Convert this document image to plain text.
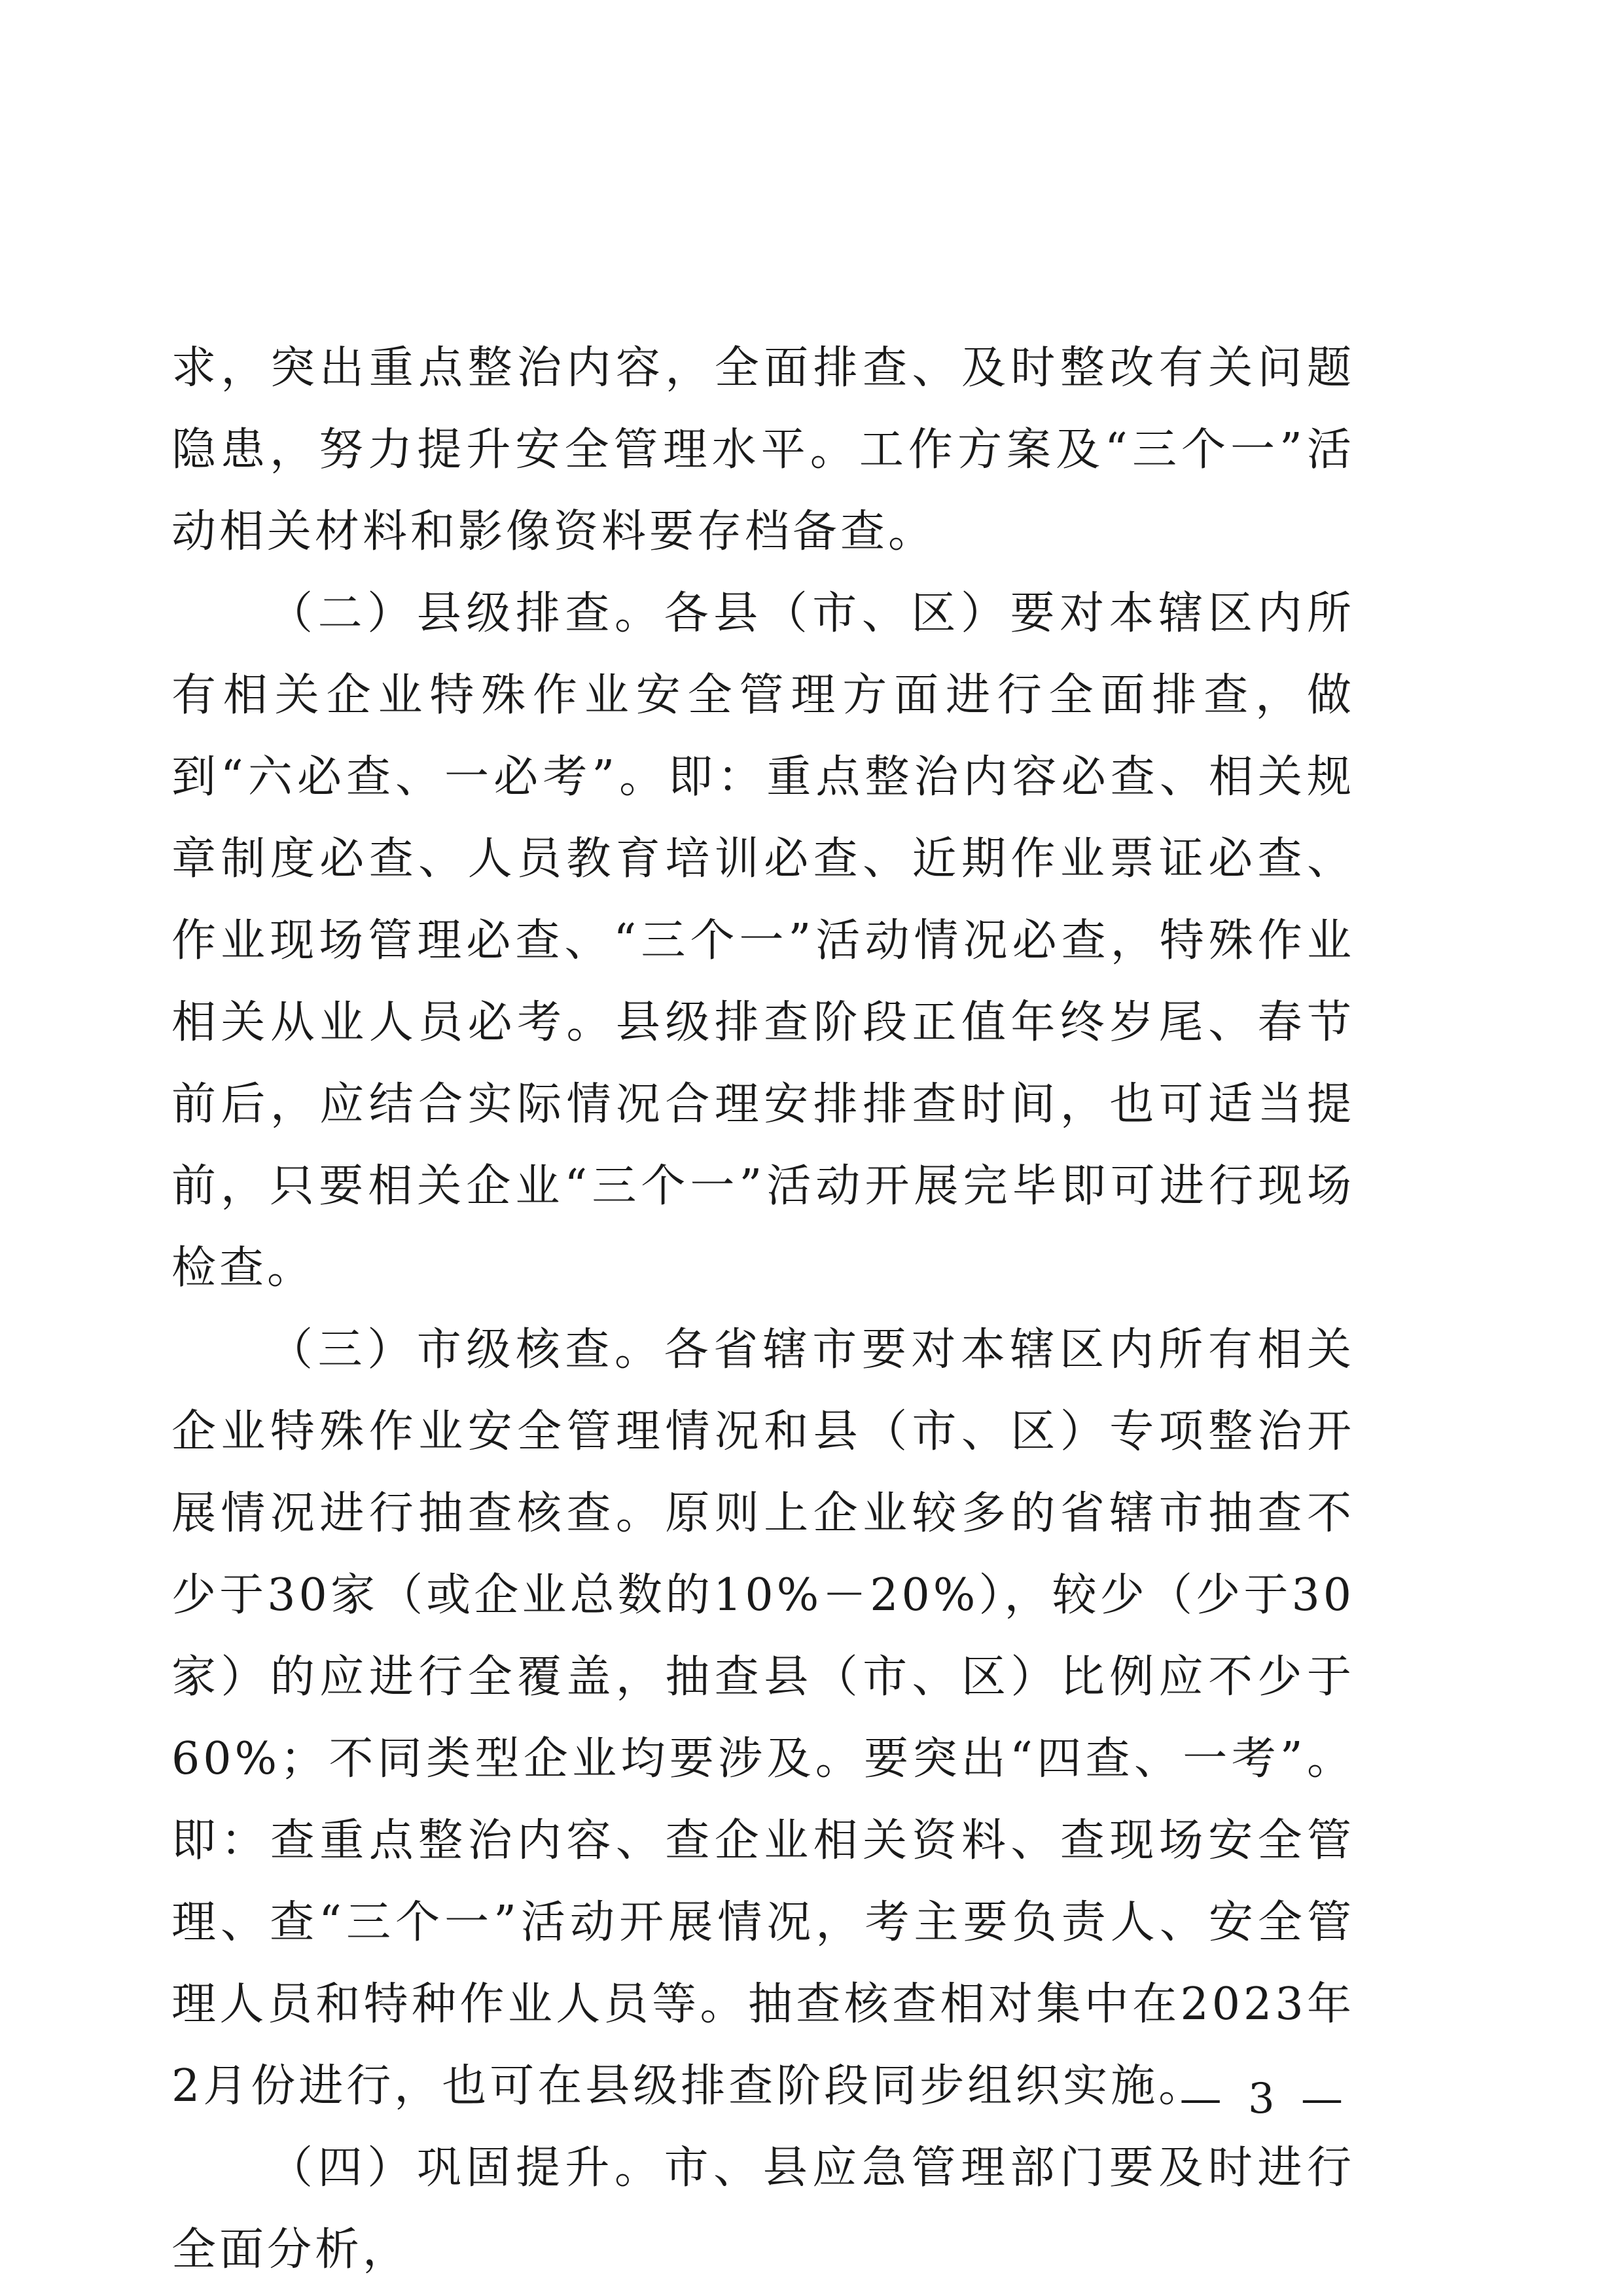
求，突出重点整治内容，全面排查、及时整改有关问题隐患，努力提升安全管理水平。工作方案及“三个一”活动相关材料和影像资料要存档备查。

（二）县级排查。各县（市、区）要对本辖区内所有相关企业特殊作业安全管理方面进行全面排查，做到“六必查、一必考”。即：重点整治内容必查、相关规章制度必查、人员教育培训必查、近期作业票证必查、作业现场管理必查、“三个一”活动情况必查，特殊作业相关从业人员必考。县级排查阶段正值年终岁尾、春节前后，应结合实际情况合理安排排查时间，也可适当提前，只要相关企业“三个一”活动开展完毕即可进行现场检查。

（三）市级核查。各省辖市要对本辖区内所有相关企业特殊作业安全管理情况和县（市、区）专项整治开展情况进行抽查核查。原则上企业较多的省辖市抽查不少于30家（或企业总数的10%－20%），较少（少于30家）的应进行全覆盖，抽查县（市、区）比例应不少于60%；不同类型企业均要涉及。要突出“四查、一考”。即：查重点整治内容、查企业相关资料、查现场安全管理、查“三个一”活动开展情况，考主要负责人、安全管理人员和特种作业人员等。抽查核查相对集中在2023年2月份进行，也可在县级排查阶段同步组织实施。

（四）巩固提升。市、县应急管理部门要及时进行全面分析，

— 3 —
